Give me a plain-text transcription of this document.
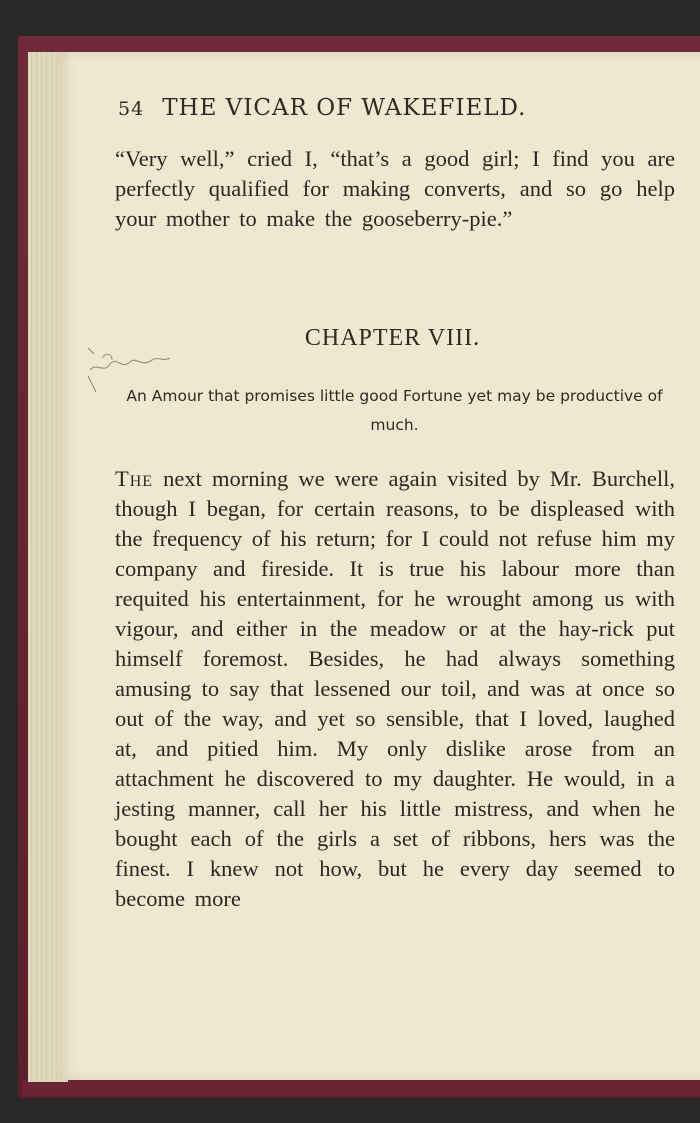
54 THE VICAR OF WAKEFIELD.

“Very well,” cried I, “that’s a good girl; I find you are perfectly qualified for making converts, and so go help your mother to make the gooseberry-pie.”

CHAPTER VIII.
An Amour that promises little good Fortune yet may be productive of much.

The next morning we were again visited by Mr. Burchell, though I began, for certain reasons, to be displeased with the frequency of his return; for I could not refuse him my company and fireside. It is true his labour more than requited his entertainment, for he wrought among us with vigour, and either in the meadow or at the hay-rick put himself foremost. Besides, he had always something amusing to say that lessened our toil, and was at once so out of the way, and yet so sensible, that I loved, laughed at, and pitied him. My only dislike arose from an attachment he discovered to my daughter. He would, in a jesting manner, call her his little mistress, and when he bought each of the girls a set of ribbons, hers was the finest. I knew not how, but he every day seemed to become more
